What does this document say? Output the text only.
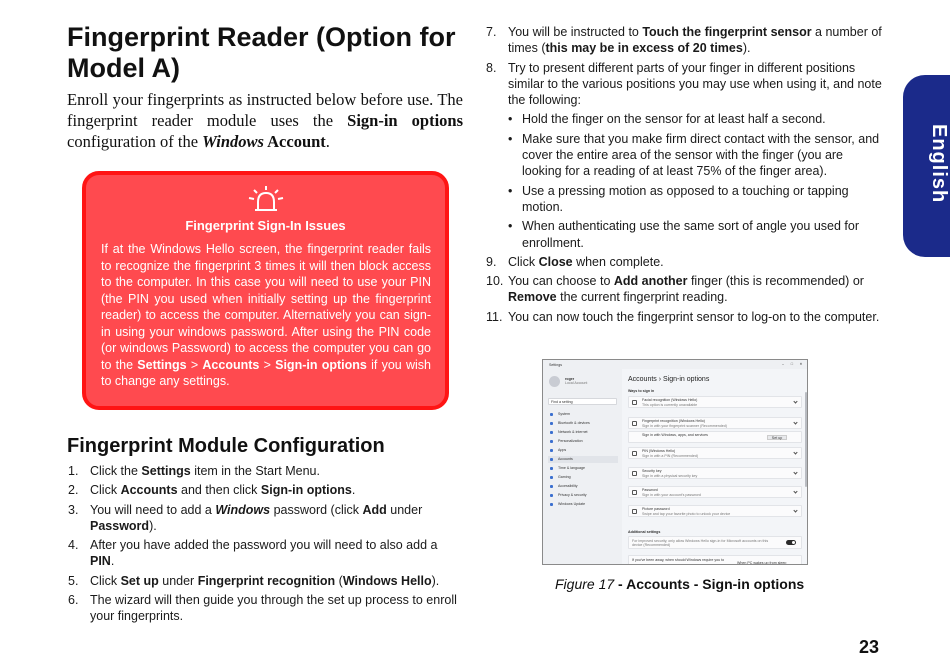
Fingerprint Reader (Option for Model A)

Enroll your fingerprints as instructed below before use. The fingerprint reader module uses the Sign-in options configuration of the Windows Account.

Fingerprint Sign-In Issues
If at the Windows Hello screen, the fingerprint reader fails to recognize the fingerprint 3 times it will then block access to the computer. In this case you will need to use your PIN (the PIN you used when initially setting up the fingerprint reader) to access the computer. Alternatively you can sign-in using your windows password. After using the PIN code (or windows Password) to access the computer you can go to the Settings > Accounts > Sign-in options if you wish to change any settings.
Fingerprint Module Configuration
1. Click the Settings item in the Start Menu.
2. Click Accounts and then click Sign-in options.
3. You will need to add a Windows password (click Add under Password).
4. After you have added the password you will need to also add a PIN.
5. Click Set up under Fingerprint recognition (Windows Hello).
6. The wizard will then guide you through the set up process to enroll your fingerprints.
7. You will be instructed to Touch the fingerprint sensor a number of times (this may be in excess of 20 times).
8. Try to present different parts of your finger in different positions similar to the various positions you may use when using it, and note the following:
• Hold the finger on the sensor for at least half a second.
• Make sure that you make firm direct contact with the sensor, and cover the entire area of the sensor with the finger (you are looking for a reading of at least 75% of the finger area).
• Use a pressing motion as opposed to a touching or tapping motion.
• When authenticating use the same sort of angle you used for enrollment.
9. Click Close when complete.
10. You can choose to Add another finger (this is recommended) or Remove the current fingerprint reading.
11. You can now touch the fingerprint sensor to log-on to the computer.
English
Settings	–	□	✕
roger
Local Account
Find a setting
System
Bluetooth & devices
Network & internet
Personalization
Apps
Accounts
Time & language
Gaming
Accessibility
Privacy & security
Windows Update
Accounts › Sign-in options
Ways to sign in
Facial recognition (Windows Hello)
This option is currently unavailable
Fingerprint recognition (Windows Hello)
Sign in with your fingerprint scanner (Recommended)
Sign in with Windows, apps, and services
Set up
PIN (Windows Hello)
Sign in with a PIN (Recommended)
Security key
Sign in with a physical security key
Password
Sign in with your account's password
Picture password
Swipe and tap your favorite photo to unlock your device
Additional settings
For improved security, only allow Windows Hello sign-in for Microsoft accounts on this device (Recommended)
If you've been away, when should Windows require you to
When PC wakes up from sleep
Figure 17 - Accounts - Sign-in options
23
